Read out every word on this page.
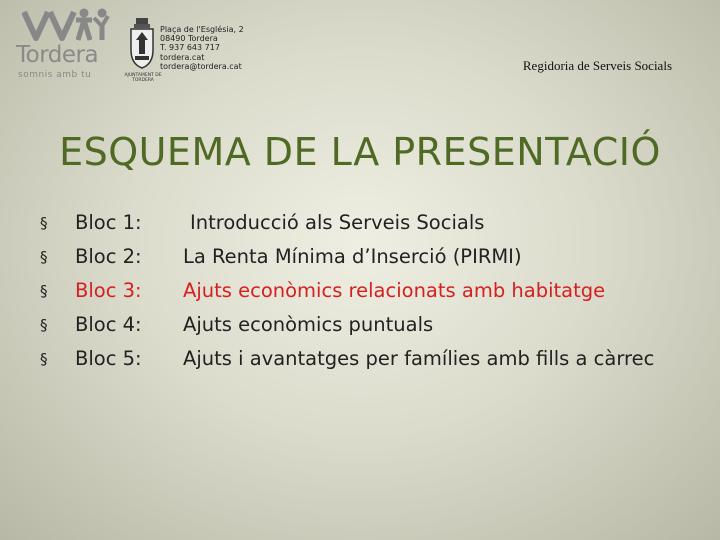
Tordera
somnis amb tu	AJUNTAMENT DE TORDERA
Plaça de l'Església, 2
08490 Tordera
T. 937 643 717
tordera.cat
tordera@tordera.cat	Regidoria de Serveis Socials
ESQUEMA DE LA PRESENTACIÓ
§ Bloc 1: Introducció als Serveis Socials
§ Bloc 2: La Renta Mínima d’Inserció (PIRMI)
§ Bloc 3: Ajuts econòmics relacionats amb habitatge
§ Bloc 4: Ajuts econòmics puntuals
§ Bloc 5: Ajuts i avantatges per famílies amb fills a càrrec
